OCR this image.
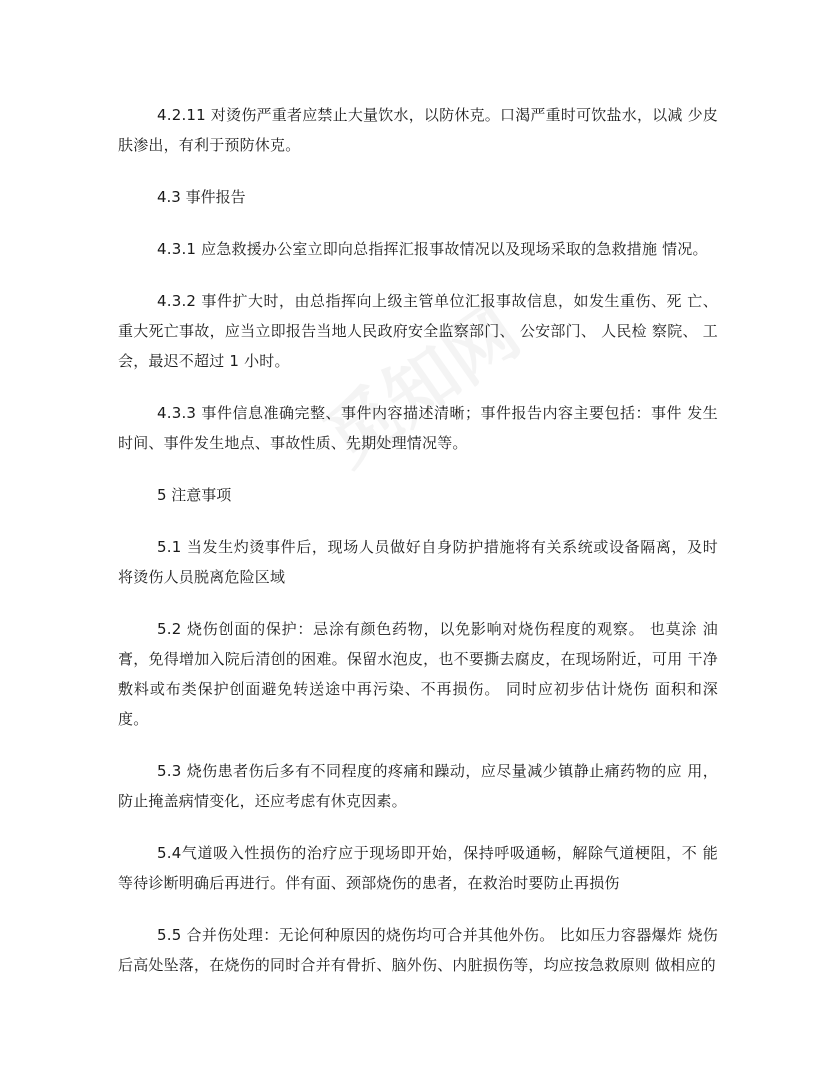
4.2.11 对烫伤严重者应禁止大量饮水，以防休克。口渴严重时可饮盐水，以减 少皮肤渗出，有利于预防休克。

4.3 事件报告

4.3.1 应急救援办公室立即向总指挥汇报事故情况以及现场采取的急救措施 情况。

4.3.2 事件扩大时，由总指挥向上级主管单位汇报事故信息，如发生重伤、死 亡、重大死亡事故，应当立即报告当地人民政府安全监察部门、 公安部门、 人民检 察院、 工会，最迟不超过 1 小时。

4.3.3 事件信息准确完整、事件内容描述清晰；事件报告内容主要包括：事件 发生时间、事件发生地点、事故性质、先期处理情况等。

5 注意事项

5.1 当发生灼烫事件后，现场人员做好自身防护措施将有关系统或设备隔离，及时将烫伤人员脱离危险区域

5.2 烧伤创面的保护：忌涂有颜色药物，以免影响对烧伤程度的观察。 也莫涂 油膏，免得增加入院后清创的困难。保留水泡皮，也不要撕去腐皮，在现场附近，可用 干净敷料或布类保护创面避免转送途中再污染、不再损伤。 同时应初步估计烧伤 面积和深度。

5.3 烧伤患者伤后多有不同程度的疼痛和躁动，应尽量减少镇静止痛药物的应 用，防止掩盖病情变化，还应考虑有休克因素。

5.4气道吸入性损伤的治疗应于现场即开始，保持呼吸通畅，解除气道梗阻，不 能等待诊断明确后再进行。伴有面、颈部烧伤的患者，在救治时要防止再损伤

5.5 合并伤处理：无论何种原因的烧伤均可合并其他外伤。 比如压力容器爆炸 烧伤后高处坠落，在烧伤的同时合并有骨折、脑外伤、内脏损伤等，均应按急救原则 做相应的
